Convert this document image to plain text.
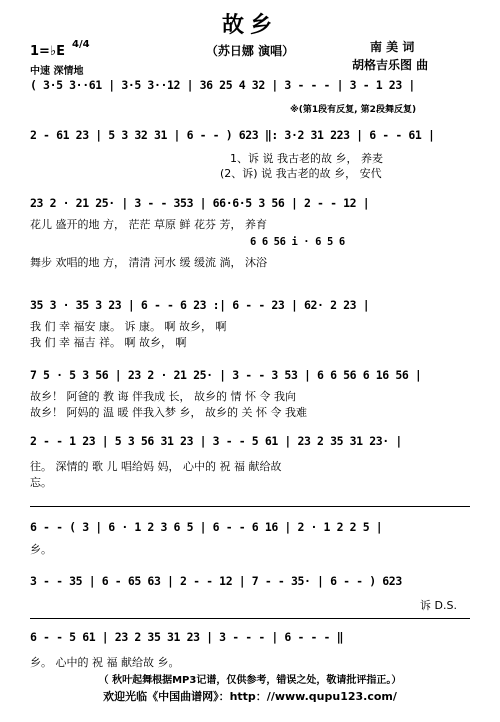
故乡
（苏日娜 演唱）	南 美 词
胡格吉乐图 曲
1=♭E 4/4
中速 深情地
( 3·5 3··61 | 3·5 3··12 | 36 25 4 32 | 3 - - - | 3 - 1 23 |
※(第1段有反复, 第2段舞反复)
2 - 61 23 | 5 3 32 31 | 6 - - ) 623 ‖: 3·2 31 223 | 6 - - 61 |
1、诉 说 我古老的故 乡， 养麦
(2、诉) 说 我古老的故 乡， 安代
23 2 · 21 25· | 3 - - 353 | 66·6·5 3 56 | 2 - - 12 |
花儿 盛开的地 方， 茫茫 草原 鲜 花芬 芳， 养育
6 6 56 i · 6 5 6
舞步 欢唱的地 方， 清清 河水 缓 缓流 淌， 沐浴
35 3 · 35 3 23 | 6 - - 6 23 :| 6 - - 23 | 62· 2 23 |
我 们 幸 福安 康。 诉 康。 啊 故乡， 啊
我 们 幸 福吉 祥。 啊 故乡， 啊
7 5 · 5 3 56 | 23 2 · 21 25· | 3 - - 3 53 | 6 6 56 6 16 56 |
故乡！ 阿爸的 教 诲 伴我成 长， 故乡的 情 怀 令 我向
故乡！ 阿妈的 温 暖 伴我入梦 乡， 故乡的 关 怀 令 我难
2 - - 1 23 | 5 3 56 31 23 | 3 - - 5 61 | 23 2 35 31 23· |
往。 深情的 歌 儿 唱给妈 妈， 心中的 祝 福 献给故
忘。
6 - - ( 3 | 6 · 1 2 3 6 5 | 6 - - 6 16 | 2 · 1 2 2 5 |
乡。
3 - - 35 | 6 - 65 63 | 2 - - 12 | 7 - - 35· | 6 - - ) 623
诉 D.S.
6 - - 5 61 | 23 2 35 31 23 | 3 - - - | 6 - - - ‖
乡。 心中的 祝 福 献给故 乡。
（ 秋叶起舞根据MP3记谱，仅供参考，错误之处，敬请批评指正。）
欢迎光临《中国曲谱网》：http：//www.qupu123.com/
